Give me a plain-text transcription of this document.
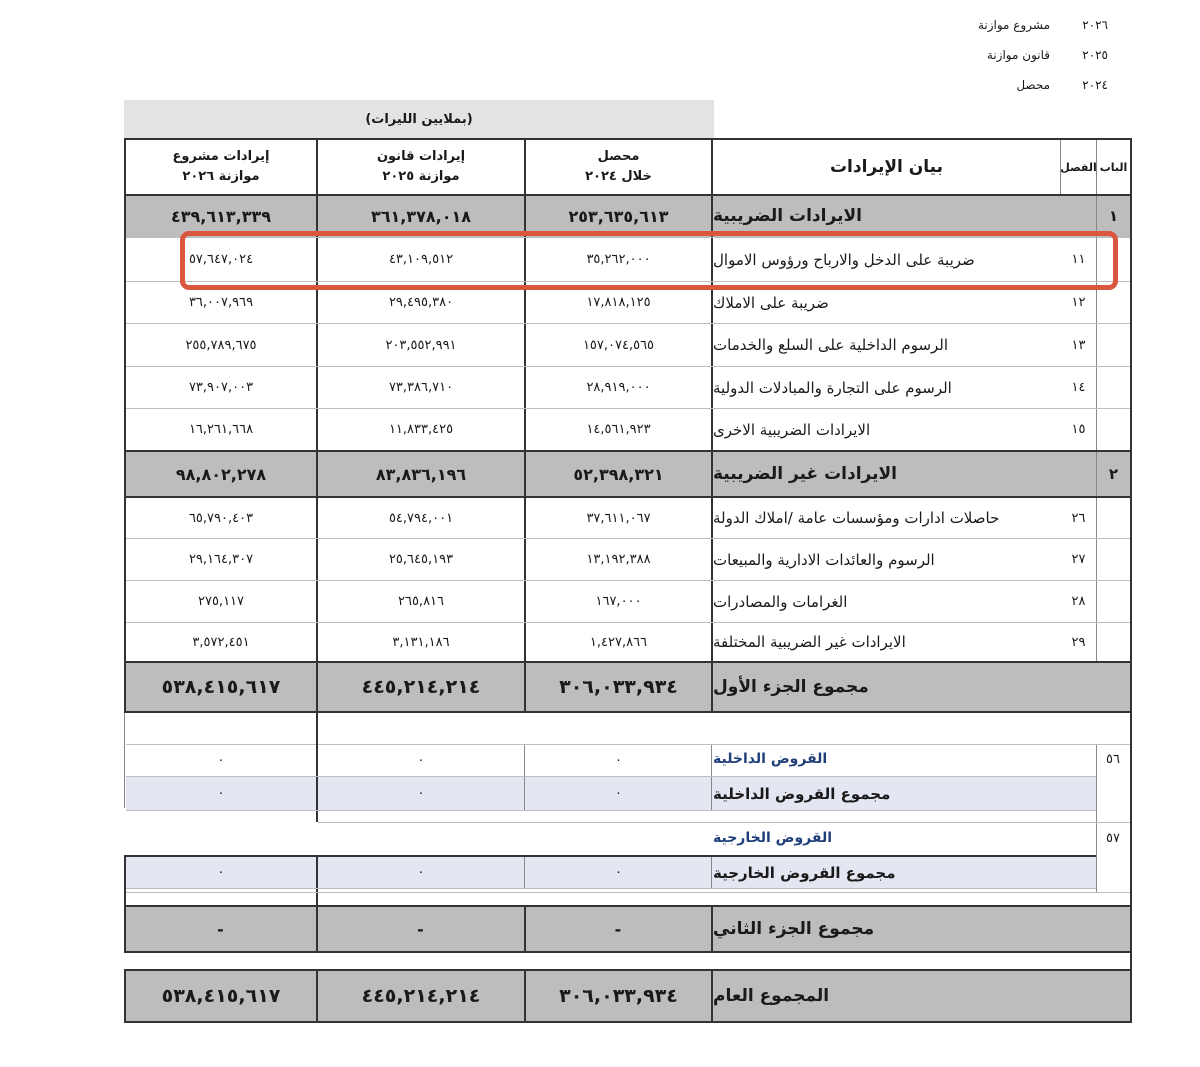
٢٠٢٦
مشروع موازنة
٢٠٢٥
قانون موازنة
٢٠٢٤
محصل
(بملايين الليرات)
الباب
الفصل
بيان الإيرادات
محصل
خلال ٢٠٢٤
إيرادات قانون
موازنة ٢٠٢٥
إيرادات مشروع
موازنة ٢٠٢٦
١
الايرادات الضريبية
٢٥٣,٦٣٥,٦١٣
٣٦١,٣٧٨,٠١٨
٤٣٩,٦١٣,٣٣٩
١١
ضريبة على الدخل والارباح ورؤوس الاموال
٣٥,٢٦٢,٠٠٠
٤٣,١٠٩,٥١٢
٥٧,٦٤٧,٠٢٤
١٢
ضريبة على الاملاك
١٧,٨١٨,١٢٥
٢٩,٤٩٥,٣٨٠
٣٦,٠٠٧,٩٦٩
١٣
الرسوم الداخلية على السلع والخدمات
١٥٧,٠٧٤,٥٦٥
٢٠٣,٥٥٢,٩٩١
٢٥٥,٧٨٩,٦٧٥
١٤
الرسوم على التجارة والمبادلات الدولية
٢٨,٩١٩,٠٠٠
٧٣,٣٨٦,٧١٠
٧٣,٩٠٧,٠٠٣
١٥
الايرادات الضريبية الاخرى
١٤,٥٦١,٩٢٣
١١,٨٣٣,٤٢٥
١٦,٢٦١,٦٦٨
٢
الايرادات غير الضريبية
٥٢,٣٩٨,٣٢١
٨٣,٨٣٦,١٩٦
٩٨,٨٠٢,٢٧٨
٢٦
حاصلات ادارات ومؤسسات عامة /املاك الدولة
٣٧,٦١١,٠٦٧
٥٤,٧٩٤,٠٠١
٦٥,٧٩٠,٤٠٣
٢٧
الرسوم والعائدات الادارية والمبيعات
١٣,١٩٢,٣٨٨
٢٥,٦٤٥,١٩٣
٢٩,١٦٤,٣٠٧
٢٨
الغرامات والمصادرات
١٦٧,٠٠٠
٢٦٥,٨١٦
٢٧٥,١١٧
٢٩
الايرادات غير الضريبية المختلفة
١,٤٢٧,٨٦٦
٣,١٣١,١٨٦
٣,٥٧٢,٤٥١
مجموع الجزء الأول
٣٠٦,٠٣٣,٩٣٤
٤٤٥,٢١٤,٢١٤
٥٣٨,٤١٥,٦١٧
٥٦
القروض الداخلية
٠
٠
٠
مجموع القروض الداخلية
٠
٠
٠
٥٧
القروض الخارجية
مجموع القروض الخارجية
٠
٠
٠
مجموع الجزء الثاني
-
-
-
المجموع العام
٣٠٦,٠٣٣,٩٣٤
٤٤٥,٢١٤,٢١٤
٥٣٨,٤١٥,٦١٧
